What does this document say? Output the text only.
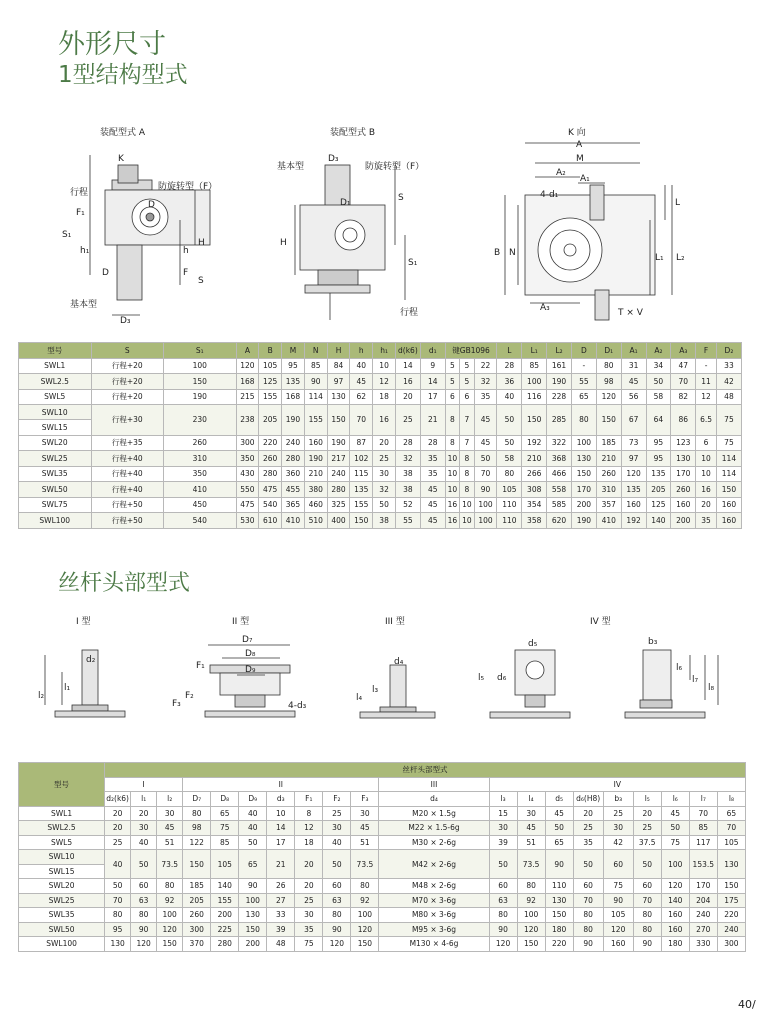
外形尺寸
1型结构型式
装配型式 A	装配型式 B	K 向
K
行程
F₁
D
防旋转型（F）
S₁
h₁
H
h
F
S
D
基本型
D₃
D₃
基本型	防旋转型（F）
S
D₁
H
S₁
行程
A
M
A₂
A₁
4-d₁
L
B N	L₁ L₂
A₃	T × V
型号	S	S₁	A	B	M	N	H	h	h₁	d(k6)	d₁	键GB1096			L	L₁	L₂	D	D₁	A₁	A₂	A₃	F	D₂
SWL1	行程+20	100	120	105	95	85	84	40	10	14	9	5	5	22	28	85	161	-	80	31	34	47	-	33
SWL2.5	行程+20	150	168	125	135	90	97	45	12	16	14	5	5	32	36	100	190	55	98	45	50	70	11	42
SWL5	行程+20	190	215	155	168	114	130	62	18	20	17	6	6	35	40	116	228	65	120	56	58	82	12	48
SWL10	行程+30	230	238	205	190	155	150	70	16	25	21	8	7	45	50	150	285	80	150	67	64	86	6.5	75
SWL15																								
SWL20	行程+35	260	300	220	240	160	190	87	20	28	28	8	7	45	50	192	322	100	185	73	95	123	6	75
SWL25	行程+40	310	350	260	280	190	217	102	25	32	35	10	8	50	58	210	368	130	210	97	95	130	10	114
SWL35	行程+40	350	430	280	360	210	240	115	30	38	35	10	8	70	80	266	466	150	260	120	135	170	10	114
SWL50	行程+40	410	550	475	455	380	280	135	32	38	45	10	8	90	105	308	558	170	310	135	205	260	16	150
SWL75	行程+50	450	475	540	365	460	325	155	50	52	45	16	10	100	110	354	585	200	357	160	125	160	20	160
SWL100	行程+50	540	530	610	410	510	400	150	38	55	45	16	10	100	110	358	620	190	410	192	140	200	35	160
丝杆头部型式
I 型	II 型	III 型	IV 型
d₂
l₁
l₂
D₇
D₈
D₉
F₁
F₂
F₃	4-d₃
d₄
l₃
l₄
d₅
d₆
l₅
b₃
l₆
l₇
l₈
型号	丝杆头部型式																			
	I			II							III	IV								
	d₂(k6)	l₁	l₂	D₇	D₈	D₉	d₃	F₁	F₂	F₃	d₄	l₃	l₄	d₅	d₆(H8)	b₃	l₅	l₆	l₇	l₈
SWL1	20	20	30	80	65	40	10	8	25	30	M20 × 1.5g	15	30	45	20	25	20	45	70	65
SWL2.5	20	30	45	98	75	40	14	12	30	45	M22 × 1.5-6g	30	45	50	25	30	25	50	85	70
SWL5	25	40	51	122	85	50	17	18	40	51	M30 × 2-6g	39	51	65	35	42	37.5	75	117	105
SWL10	40	50	73.5	150	105	65	21	20	50	73.5	M42 × 2-6g	50	73.5	90	50	60	50	100	153.5	130
SWL15																				
SWL20	50	60	80	185	140	90	26	20	60	80	M48 × 2-6g	60	80	110	60	75	60	120	170	150
SWL25	70	63	92	205	155	100	27	25	63	92	M70 × 3-6g	63	92	130	70	90	70	140	204	175
SWL35	80	80	100	260	200	130	33	30	80	100	M80 × 3-6g	80	100	150	80	105	80	160	240	220
SWL50	95	90	120	300	225	150	39	35	90	120	M95 × 3-6g	90	120	180	80	120	80	160	270	240
SWL100	130	120	150	370	280	200	48	75	120	150	M130 × 4-6g	120	150	220	90	160	90	180	330	300
40/
